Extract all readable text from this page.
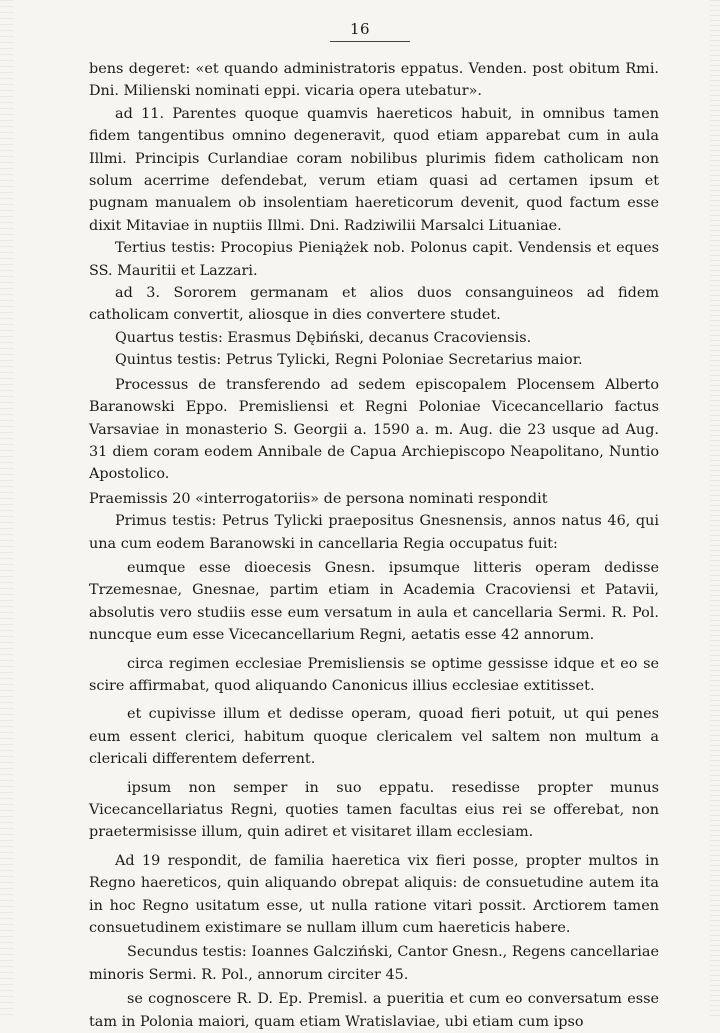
16

bens degeret: «et quando administratoris eppatus. Venden. post obitum Rmi. Dni. Milienski nominati eppi. vicaria opera utebatur».

ad 11. Parentes quoque quamvis haereticos habuit, in omnibus tamen fidem tangentibus omnino degeneravit, quod etiam apparebat cum in aula Illmi. Principis Curlandiae coram nobilibus plurimis fidem catholicam non solum acerrime defendebat, verum etiam quasi ad certamen ipsum et pugnam manualem ob insolentiam haereticorum devenit, quod factum esse dixit Mitaviae in nuptiis Illmi. Dni. Radziwilii Marsalci Lituaniae.

Tertius testis: Procopius Pieniążek nob. Polonus capit. Vendensis et eques SS. Mauritii et Lazzari.

ad 3. Sororem germanam et alios duos consanguineos ad fidem catholicam convertit, aliosque in dies convertere studet.

Quartus testis: Erasmus Dębiński, decanus Cracoviensis.

Quintus testis: Petrus Tylicki, Regni Poloniae Secretarius maior.

Processus de transferendo ad sedem episcopalem Plocensem Alberto Baranowski Eppo. Premisliensi et Regni Poloniae Vicecancellario factus Varsaviae in monasterio S. Georgii a. 1590 a. m. Aug. die 23 usque ad Aug. 31 diem coram eodem Annibale de Capua Archiepiscopo Neapolitano, Nuntio Apostolico.

Praemissis 20 «interrogatoriis» de persona nominati respondit

Primus testis: Petrus Tylicki praepositus Gnesnensis, annos natus 46, qui una cum eodem Baranowski in cancellaria Regia occupatus fuit:

eumque esse dioecesis Gnesn. ipsumque litteris operam dedisse Trzemesnae, Gnesnae, partim etiam in Academia Cracoviensi et Patavii, absolutis vero studiis esse eum versatum in aula et cancellaria Sermi. R. Pol. nuncque eum esse Vicecancellarium Regni, aetatis esse 42 annorum.

circa regimen ecclesiae Premisliensis se optime gessisse idque et eo se scire affirmabat, quod aliquando Canonicus illius ecclesiae extitisset.

et cupivisse illum et dedisse operam, quoad fieri potuit, ut qui penes eum essent clerici, habitum quoque clericalem vel saltem non multum a clericali differentem deferrent.

ipsum non semper in suo eppatu. resedisse propter munus Vicecancellariatus Regni, quoties tamen facultas eius rei se offerebat, non praetermisisse illum, quin adiret et visitaret illam ecclesiam.

Ad 19 respondit, de familia haeretica vix fieri posse, propter multos in Regno haereticos, quin aliquando obrepat aliquis: de consuetudine autem ita in hoc Regno usitatum esse, ut nulla ratione vitari possit. Arctiorem tamen consuetudinem existimare se nullam illum cum haereticis habere.

Secundus testis: Ioannes Galcziński, Cantor Gnesn., Regens cancellariae minoris Sermi. R. Pol., annorum circiter 45.

se cognoscere R. D. Ep. Premisl. a pueritia et cum eo conversatum esse tam in Polonia maiori, quam etiam Wratislaviae, ubi etiam cum ipso
